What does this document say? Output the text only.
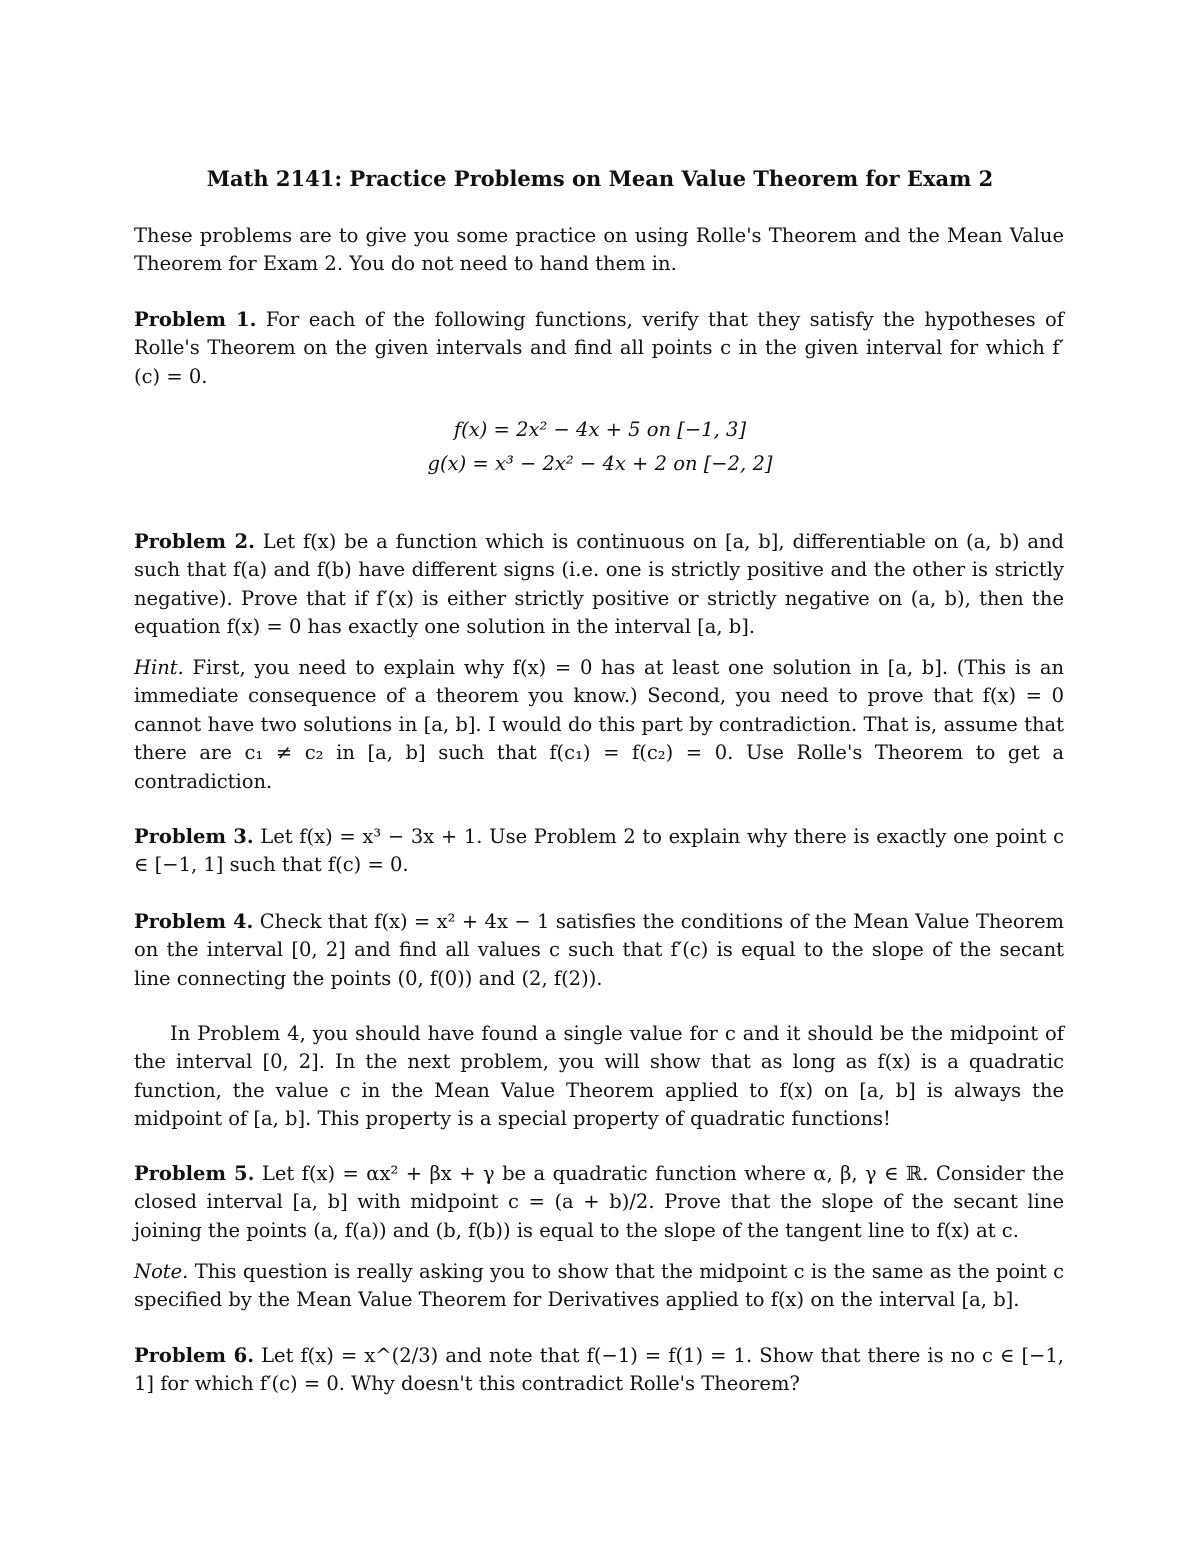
Math 2141: Practice Problems on Mean Value Theorem for Exam 2

These problems are to give you some practice on using Rolle's Theorem and the Mean Value Theorem for Exam 2. You do not need to hand them in.

Problem 1. For each of the following functions, verify that they satisfy the hypotheses of Rolle's Theorem on the given intervals and find all points c in the given interval for which f′(c) = 0.

f(x) = 2x² − 4x + 5 on [−1, 3]

g(x) = x³ − 2x² − 4x + 2 on [−2, 2]

Problem 2. Let f(x) be a function which is continuous on [a, b], differentiable on (a, b) and such that f(a) and f(b) have different signs (i.e. one is strictly positive and the other is strictly negative). Prove that if f′(x) is either strictly positive or strictly negative on (a, b), then the equation f(x) = 0 has exactly one solution in the interval [a, b].

Hint. First, you need to explain why f(x) = 0 has at least one solution in [a, b]. (This is an immediate consequence of a theorem you know.) Second, you need to prove that f(x) = 0 cannot have two solutions in [a, b]. I would do this part by contradiction. That is, assume that there are c₁ ≠ c₂ in [a, b] such that f(c₁) = f(c₂) = 0. Use Rolle's Theorem to get a contradiction.

Problem 3. Let f(x) = x³ − 3x + 1. Use Problem 2 to explain why there is exactly one point c ∈ [−1, 1] such that f(c) = 0.

Problem 4. Check that f(x) = x² + 4x − 1 satisfies the conditions of the Mean Value Theorem on the interval [0, 2] and find all values c such that f′(c) is equal to the slope of the secant line connecting the points (0, f(0)) and (2, f(2)).

In Problem 4, you should have found a single value for c and it should be the midpoint of the interval [0, 2]. In the next problem, you will show that as long as f(x) is a quadratic function, the value c in the Mean Value Theorem applied to f(x) on [a, b] is always the midpoint of [a, b]. This property is a special property of quadratic functions!

Problem 5. Let f(x) = αx² + βx + γ be a quadratic function where α, β, γ ∈ ℝ. Consider the closed interval [a, b] with midpoint c = (a + b)/2. Prove that the slope of the secant line joining the points (a, f(a)) and (b, f(b)) is equal to the slope of the tangent line to f(x) at c.

Note. This question is really asking you to show that the midpoint c is the same as the point c specified by the Mean Value Theorem for Derivatives applied to f(x) on the interval [a, b].

Problem 6. Let f(x) = x^(2/3) and note that f(−1) = f(1) = 1. Show that there is no c ∈ [−1, 1] for which f′(c) = 0. Why doesn't this contradict Rolle's Theorem?
